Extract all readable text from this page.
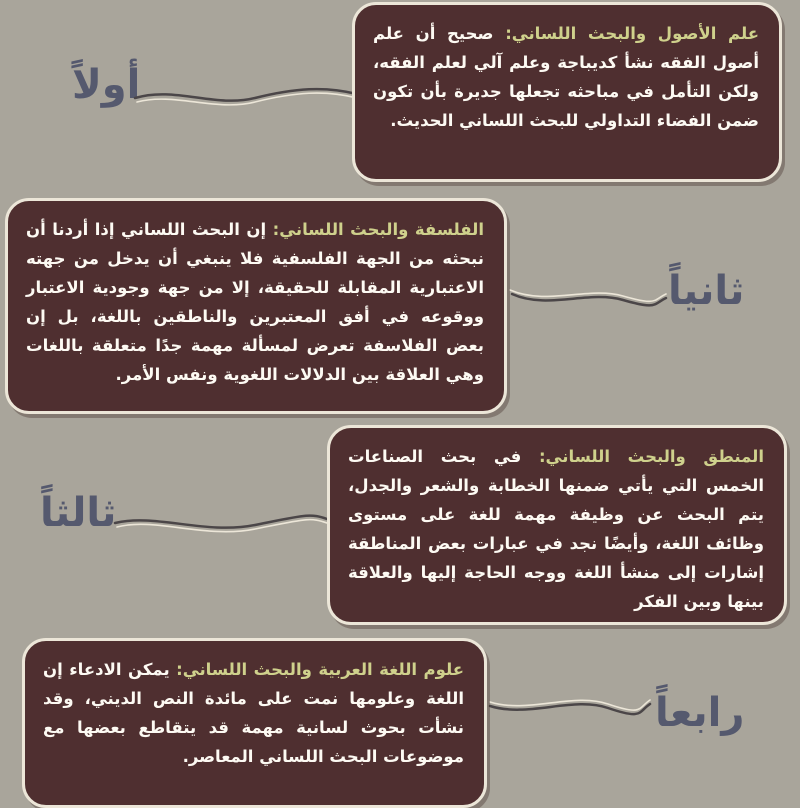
أولاً

علم الأصول والبحث اللساني: صحيح أن علم أصول الفقه نشأ كديباجة وعلم آلي لعلم الفقه، ولكن التأمل في مباحثه تجعلها جديرة بأن تكون ضمن الفضاء التداولي للبحث اللساني الحديث.

ثانياً

الفلسفة والبحث اللساني: إن البحث اللساني إذا أردنا أن نبحثه من الجهة الفلسفية فلا ينبغي أن يدخل من جهته الاعتبارية المقابلة للحقيقة، إلا من جهة وجودية الاعتبار ووقوعه في أفق المعتبرين والناطقين باللغة، بل إن بعض الفلاسفة تعرض لمسألة مهمة جدًا متعلقة باللغات وهي العلاقة بين الدلالات اللغوية ونفس الأمر.

ثالثاً

المنطق والبحث اللساني: في بحث الصناعات الخمس التي يأتي ضمنها الخطابة والشعر والجدل، يتم البحث عن وظيفة مهمة للغة على مستوى وظائف اللغة، وأيضًا نجد في عبارات بعض المناطقة إشارات إلى منشأ اللغة ووجه الحاجة إليها والعلاقة بينها وبين الفكر

رابعاً

علوم اللغة العربية والبحث اللساني: يمكن الادعاء إن اللغة وعلومها نمت على مائدة النص الديني، وقد نشأت بحوث لسانية مهمة قد يتقاطع بعضها مع موضوعات البحث اللساني المعاصر.
